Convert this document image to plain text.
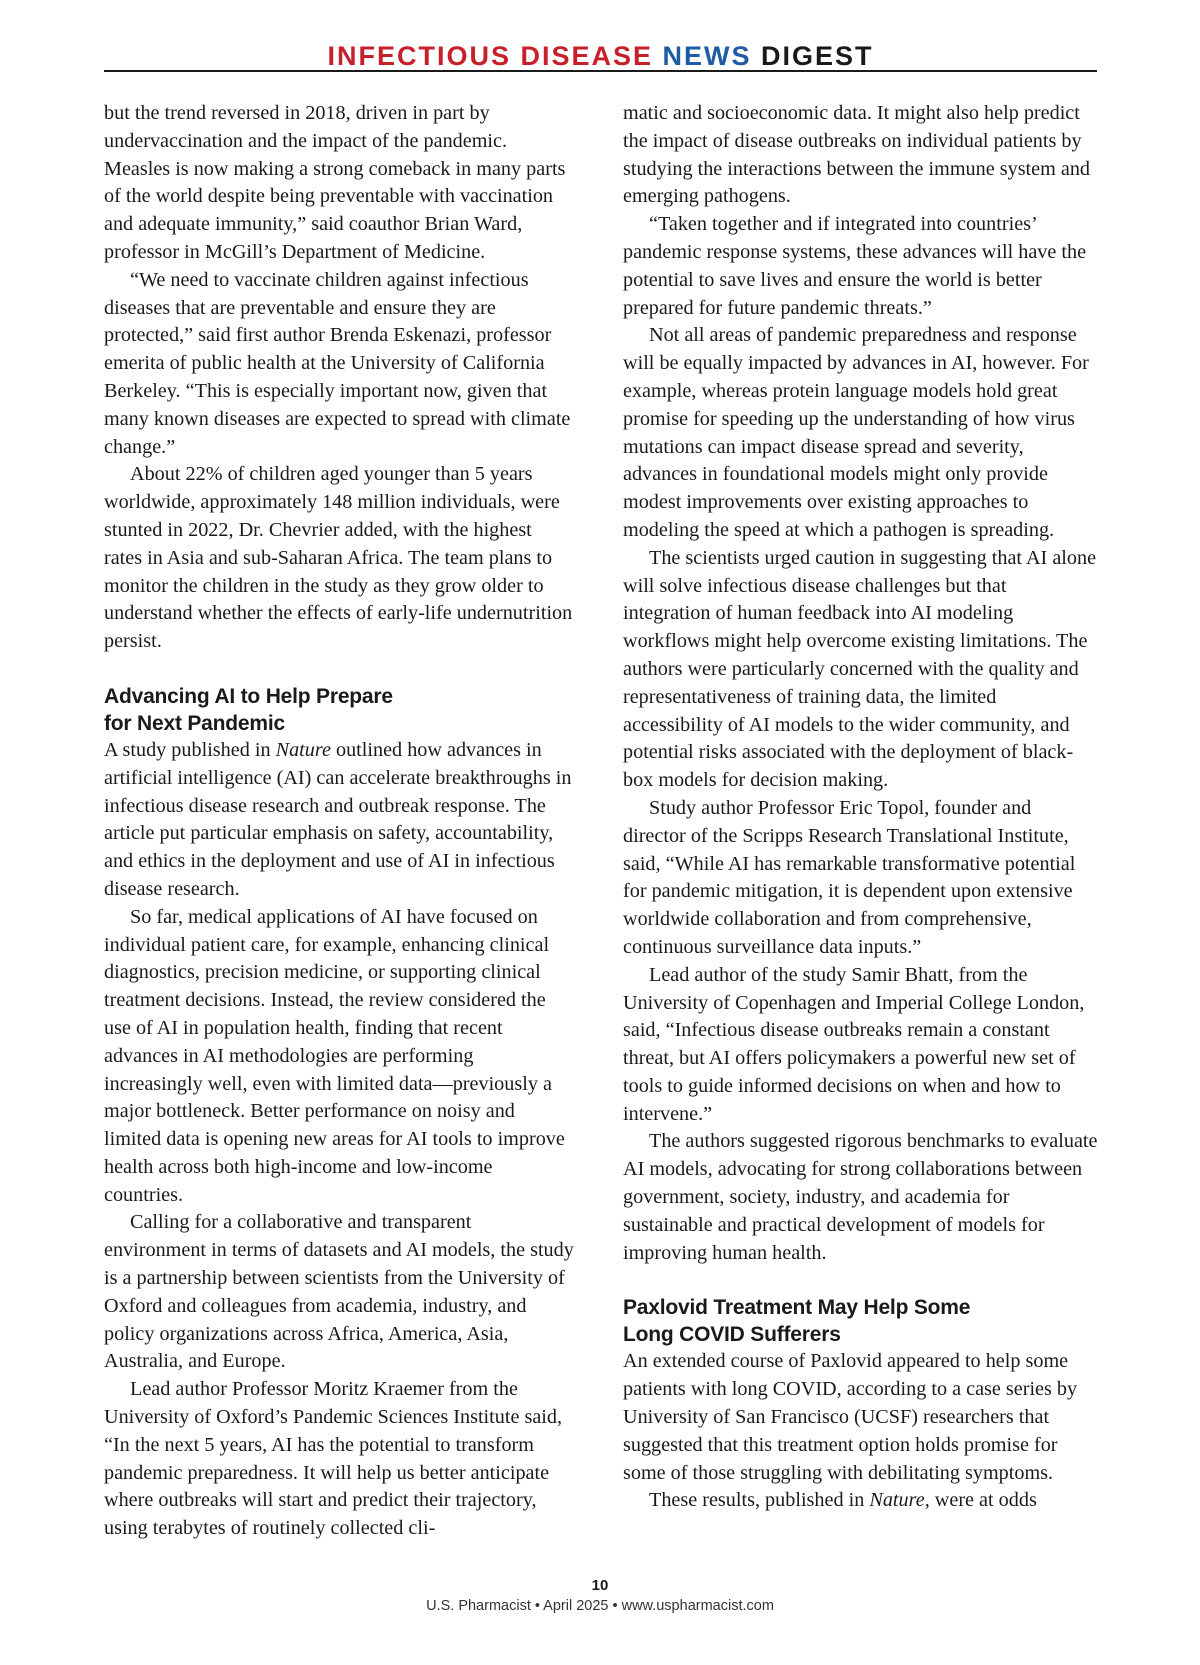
INFECTIOUS DISEASE NEWS DIGEST

but the trend reversed in 2018, driven in part by undervaccination and the impact of the pandemic. Measles is now making a strong comeback in many parts of the world despite being preventable with vaccination and adequate immunity,” said coauthor Brian Ward, professor in McGill’s Department of Medicine.

“We need to vaccinate children against infectious diseases that are preventable and ensure they are protected,” said first author Brenda Eskenazi, professor emerita of public health at the University of California Berkeley. “This is especially important now, given that many known diseases are expected to spread with climate change.”

About 22% of children aged younger than 5 years worldwide, approximately 148 million individuals, were stunted in 2022, Dr. Chevrier added, with the highest rates in Asia and sub-Saharan Africa. The team plans to monitor the children in the study as they grow older to understand whether the effects of early-life undernutrition persist.

Advancing AI to Help Prepare
for Next Pandemic

A study published in Nature outlined how advances in artificial intelligence (AI) can accelerate breakthroughs in infectious disease research and outbreak response. The article put particular emphasis on safety, accountability, and ethics in the deployment and use of AI in infectious disease research.

So far, medical applications of AI have focused on individual patient care, for example, enhancing clinical diagnostics, precision medicine, or supporting clinical treatment decisions. Instead, the review considered the use of AI in population health, finding that recent advances in AI methodologies are performing increasingly well, even with limited data—previously a major bottleneck. Better performance on noisy and limited data is opening new areas for AI tools to improve health across both high-income and low-income countries.

Calling for a collaborative and transparent environment in terms of datasets and AI models, the study is a partnership between scientists from the University of Oxford and colleagues from academia, industry, and policy organizations across Africa, America, Asia, Australia, and Europe.

Lead author Professor Moritz Kraemer from the University of Oxford’s Pandemic Sciences Institute said, “In the next 5 years, AI has the potential to transform pandemic preparedness. It will help us better anticipate where outbreaks will start and predict their trajectory, using terabytes of routinely collected cli-

matic and socioeconomic data. It might also help predict the impact of disease outbreaks on individual patients by studying the interactions between the immune system and emerging pathogens.

“Taken together and if integrated into countries’ pandemic response systems, these advances will have the potential to save lives and ensure the world is better prepared for future pandemic threats.”

Not all areas of pandemic preparedness and response will be equally impacted by advances in AI, however. For example, whereas protein language models hold great promise for speeding up the understanding of how virus mutations can impact disease spread and severity, advances in foundational models might only provide modest improvements over existing approaches to modeling the speed at which a pathogen is spreading.

The scientists urged caution in suggesting that AI alone will solve infectious disease challenges but that integration of human feedback into AI modeling workflows might help overcome existing limitations. The authors were particularly concerned with the quality and representativeness of training data, the limited accessibility of AI models to the wider community, and potential risks associated with the deployment of black-box models for decision making.

Study author Professor Eric Topol, founder and director of the Scripps Research Translational Institute, said, “While AI has remarkable transformative potential for pandemic mitigation, it is dependent upon extensive worldwide collaboration and from comprehensive, continuous surveillance data inputs.”

Lead author of the study Samir Bhatt, from the University of Copenhagen and Imperial College London, said, “Infectious disease outbreaks remain a constant threat, but AI offers policymakers a powerful new set of tools to guide informed decisions on when and how to intervene.”

The authors suggested rigorous benchmarks to evaluate AI models, advocating for strong collaborations between government, society, industry, and academia for sustainable and practical development of models for improving human health.

Paxlovid Treatment May Help Some
Long COVID Sufferers

An extended course of Paxlovid appeared to help some patients with long COVID, according to a case series by University of San Francisco (UCSF) researchers that suggested that this treatment option holds promise for some of those struggling with debilitating symptoms.

These results, published in Nature, were at odds

10
U.S. Pharmacist • April 2025 • www.uspharmacist.com
